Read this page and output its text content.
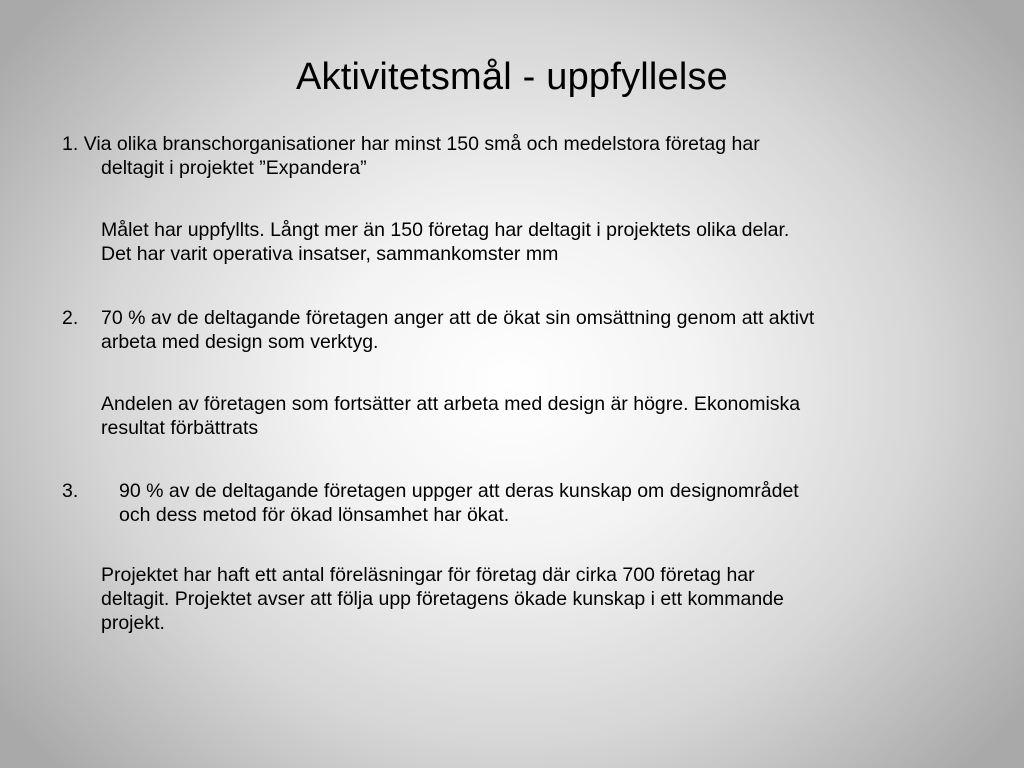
Aktivitetsmål - uppfyllelse
1. Via olika branschorganisationer har minst 150 små och medelstora företag har
deltagit i projektet ”Expandera”
Målet har uppfyllts. Långt mer än 150 företag har deltagit i projektets olika delar.
Det har varit operativa insatser, sammankomster mm
2. 70 % av de deltagande företagen anger att de ökat sin omsättning genom att aktivt
arbeta med design som verktyg.
Andelen av företagen som fortsätter att arbeta med design är högre. Ekonomiska
resultat förbättrats
3. 90 % av de deltagande företagen uppger att deras kunskap om designområdet
och dess metod för ökad lönsamhet har ökat.
Projektet har haft ett antal föreläsningar för företag där cirka 700 företag har
deltagit. Projektet avser att följa upp företagens ökade kunskap i ett kommande
projekt.
